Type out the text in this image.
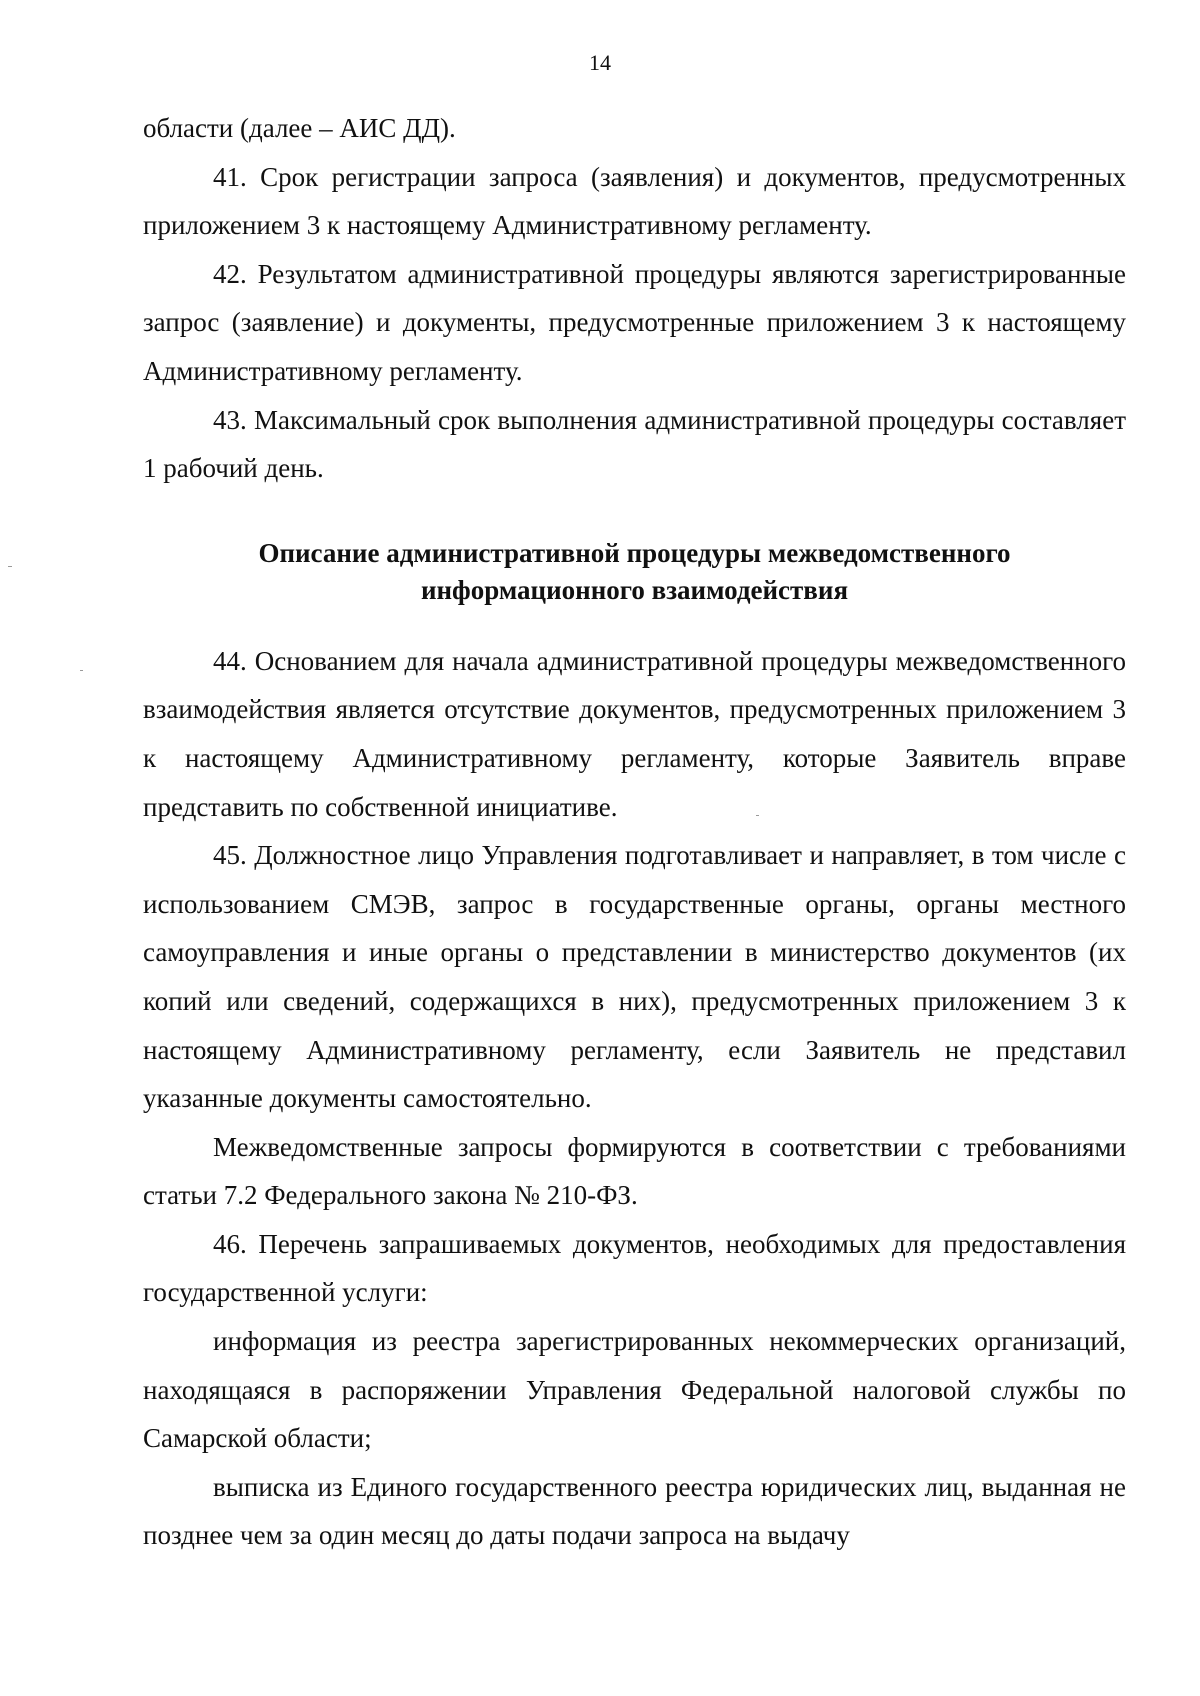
14

области (далее – АИС ДД).

41. Срок регистрации запроса (заявления) и документов, предусмотренных приложением 3 к настоящему Административному регламенту.

42. Результатом административной процедуры являются зарегистрированные запрос (заявление) и документы, предусмотренные приложением 3 к настоящему Административному регламенту.

43. Максимальный срок выполнения административной процедуры составляет 1 рабочий день.

Описание административной процедуры межведомственного
информационного взаимодействия

44. Основанием для начала административной процедуры межведомственного взаимодействия является отсутствие документов, предусмотренных приложением 3 к настоящему Административному регламенту, которые Заявитель вправе представить по собственной инициативе.

45. Должностное лицо Управления подготавливает и направляет, в том числе с использованием СМЭВ, запрос в государственные органы, органы местного самоуправления и иные органы о представлении в министерство документов (их копий или сведений, содержащихся в них), предусмотренных приложением 3 к настоящему Административному регламенту, если Заявитель не представил указанные документы самостоятельно.

Межведомственные запросы формируются в соответствии с требованиями статьи 7.2 Федерального закона № 210-ФЗ.

46. Перечень запрашиваемых документов, необходимых для предоставления государственной услуги:

информация из реестра зарегистрированных некоммерческих организаций, находящаяся в распоряжении Управления Федеральной налоговой службы по Самарской области;

выписка из Единого государственного реестра юридических лиц, выданная не позднее чем за один месяц до даты подачи запроса на выдачу
